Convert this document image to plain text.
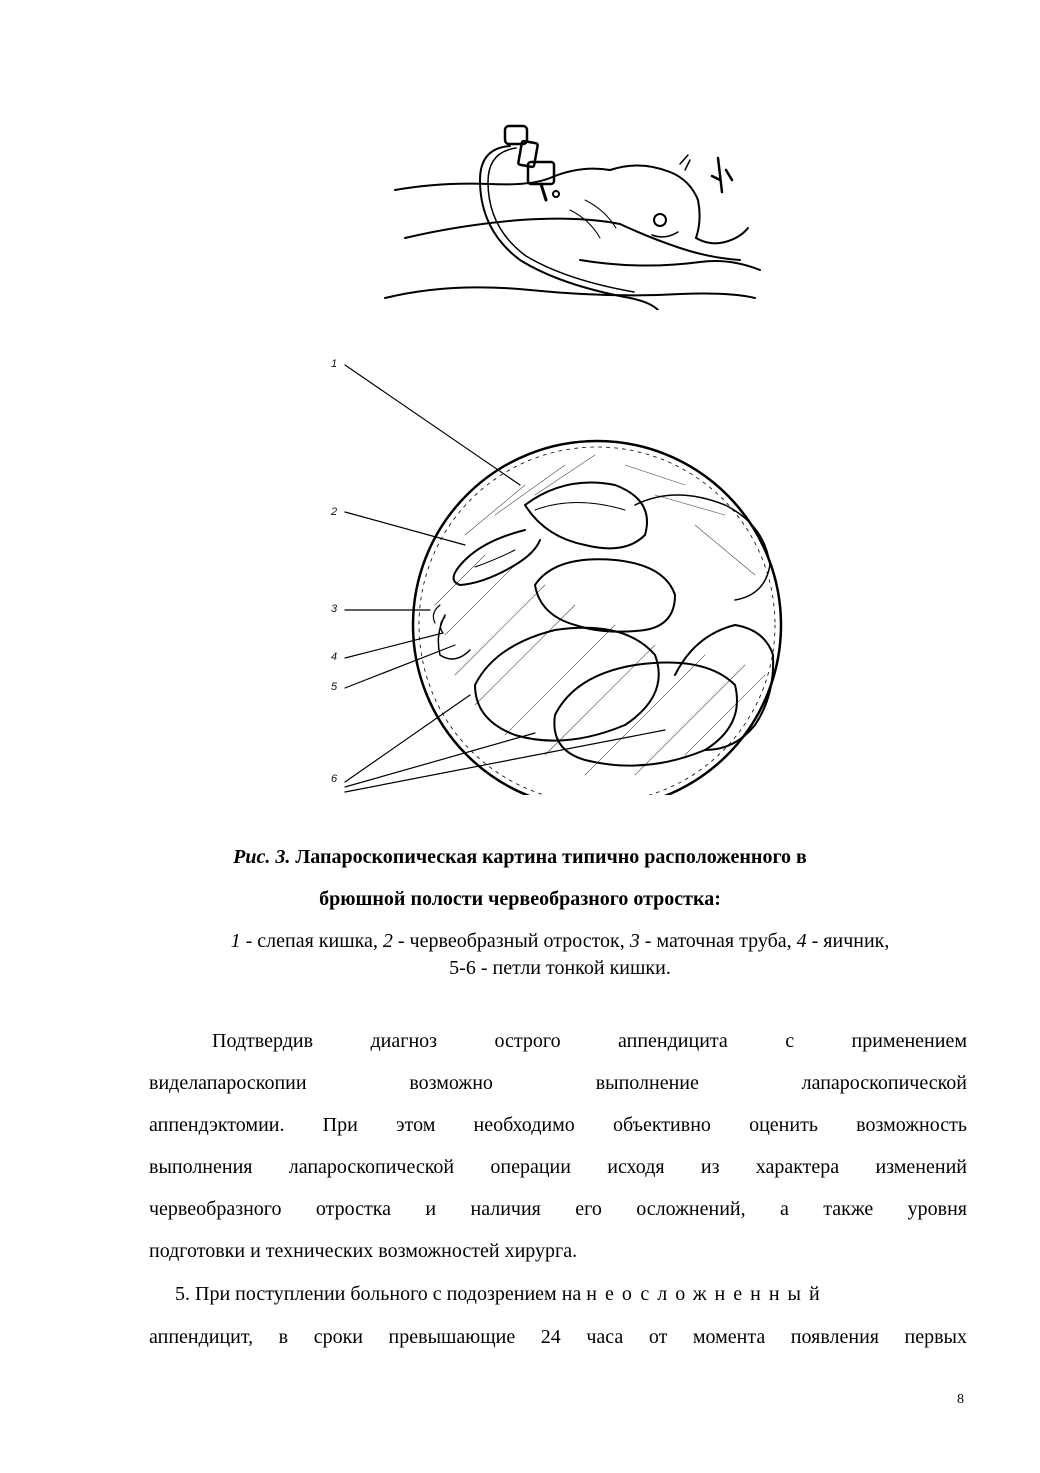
1
2
3
4
5
6
Рис. 3. Лапароскопическая картина типично расположенного в
брюшной полости червеобразного отростка:
1 - слепая кишка, 2 - червеобразный отросток, 3 - маточная труба, 4 - яичник,
5-6 - петли тонкой кишки.
Подтвердив диагноз острого аппендицита с применением
виделапароскопии возможно выполнение лапароскопической
аппендэктомии. При этом необходимо объективно оценить возможность
выполнения лапароскопической операции исходя из характера изменений
червеобразного отростка и наличия его осложнений, а также уровня
подготовки и технических возможностей хирурга.
5. При поступлении больного с подозрением на неосложненный
аппендицит, в сроки превышающие 24 часа от момента появления первых
8
